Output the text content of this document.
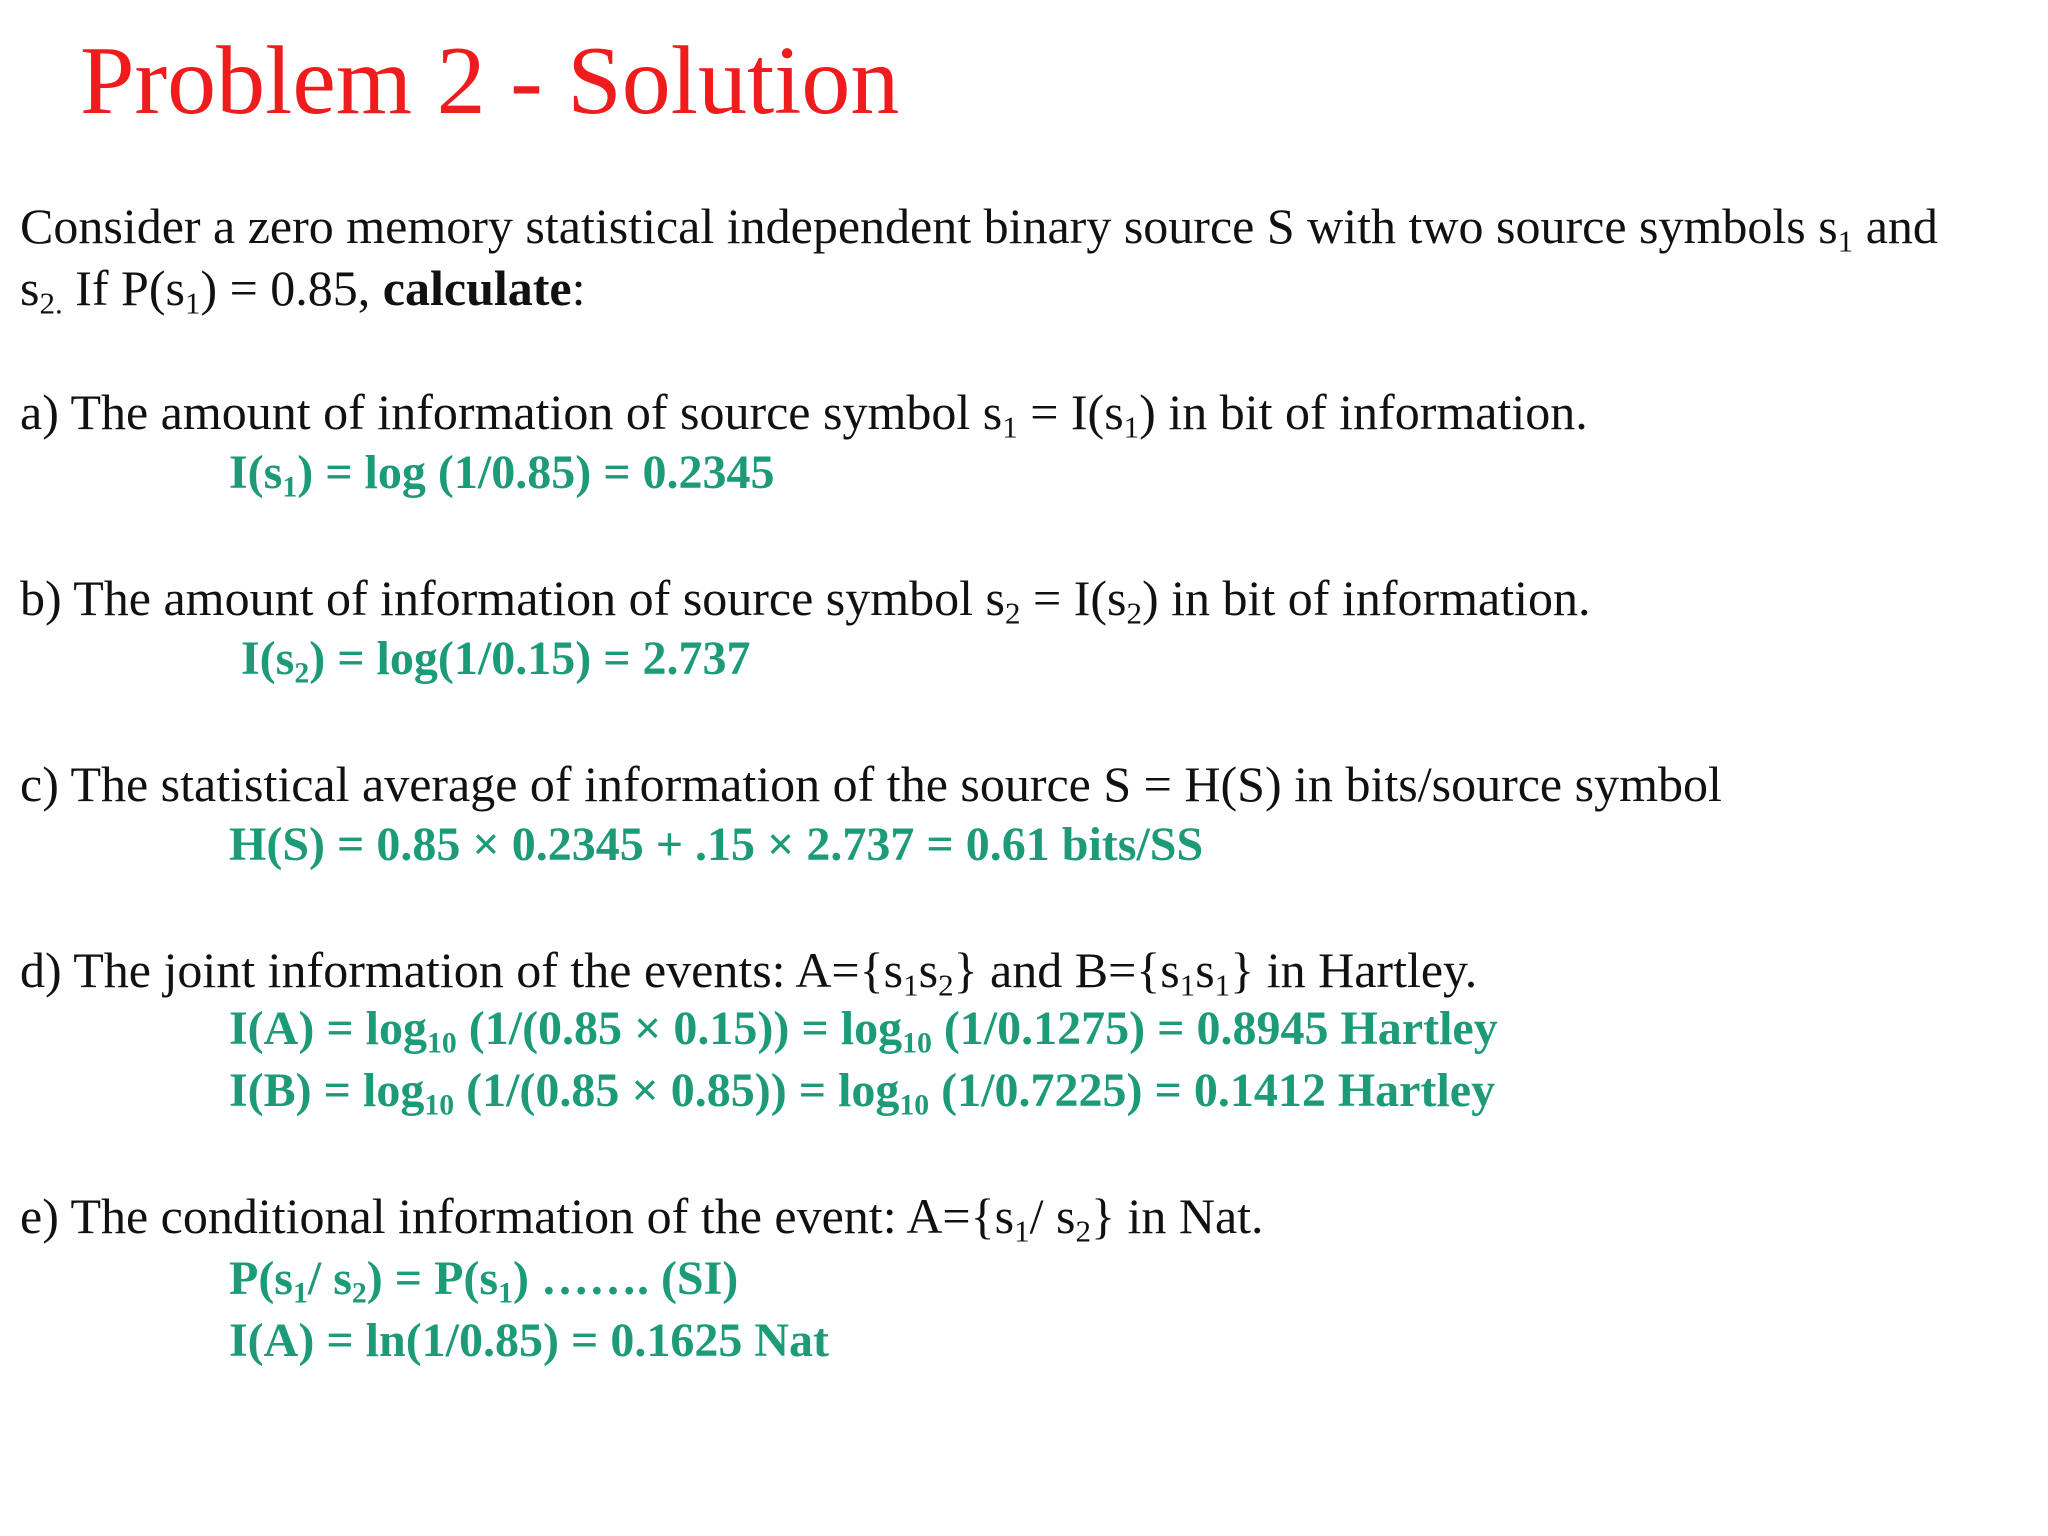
Problem 2 - Solution
Consider a zero memory statistical independent binary source S with two source symbols $s_1$ and
$s_{2.}$ If $P(s_1) = 0.85$, calculate:
a) The amount of information of source symbol $s_1 = I(s_1)$ in bit of information.
$I(s_1) = \log (1/0.85) = 0.2345$
b) The amount of information of source symbol $s_2 = I(s_2)$ in bit of information.
$I(s_2) = \log(1/0.15) = 2.737$
c) The statistical average of information of the source S = H(S) in bits/source symbol
H(S) = 0.85 × 0.2345 + .15 × 2.737 = 0.61 bits/SS
d) The joint information of the events: $A=\{s_1s_2\}$ and $B=\{s_1s_1\}$ in Hartley.
$I(A) = \log_{10} (1/(0.85 \times 0.15)) = \log_{10} (1/0.1275) = 0.8945$ Hartley
$I(B) = \log_{10} (1/(0.85 \times 0.85)) = \log_{10} (1/0.7225) = 0.1412$ Hartley
e) The conditional information of the event: $A=\{s_1/$ $s_2$} in Nat.
$P(s_1/$ $s_2) = P(s_1)$ ……. (SI)
I(A) = ln(1/0.85) = 0.1625 Nat
